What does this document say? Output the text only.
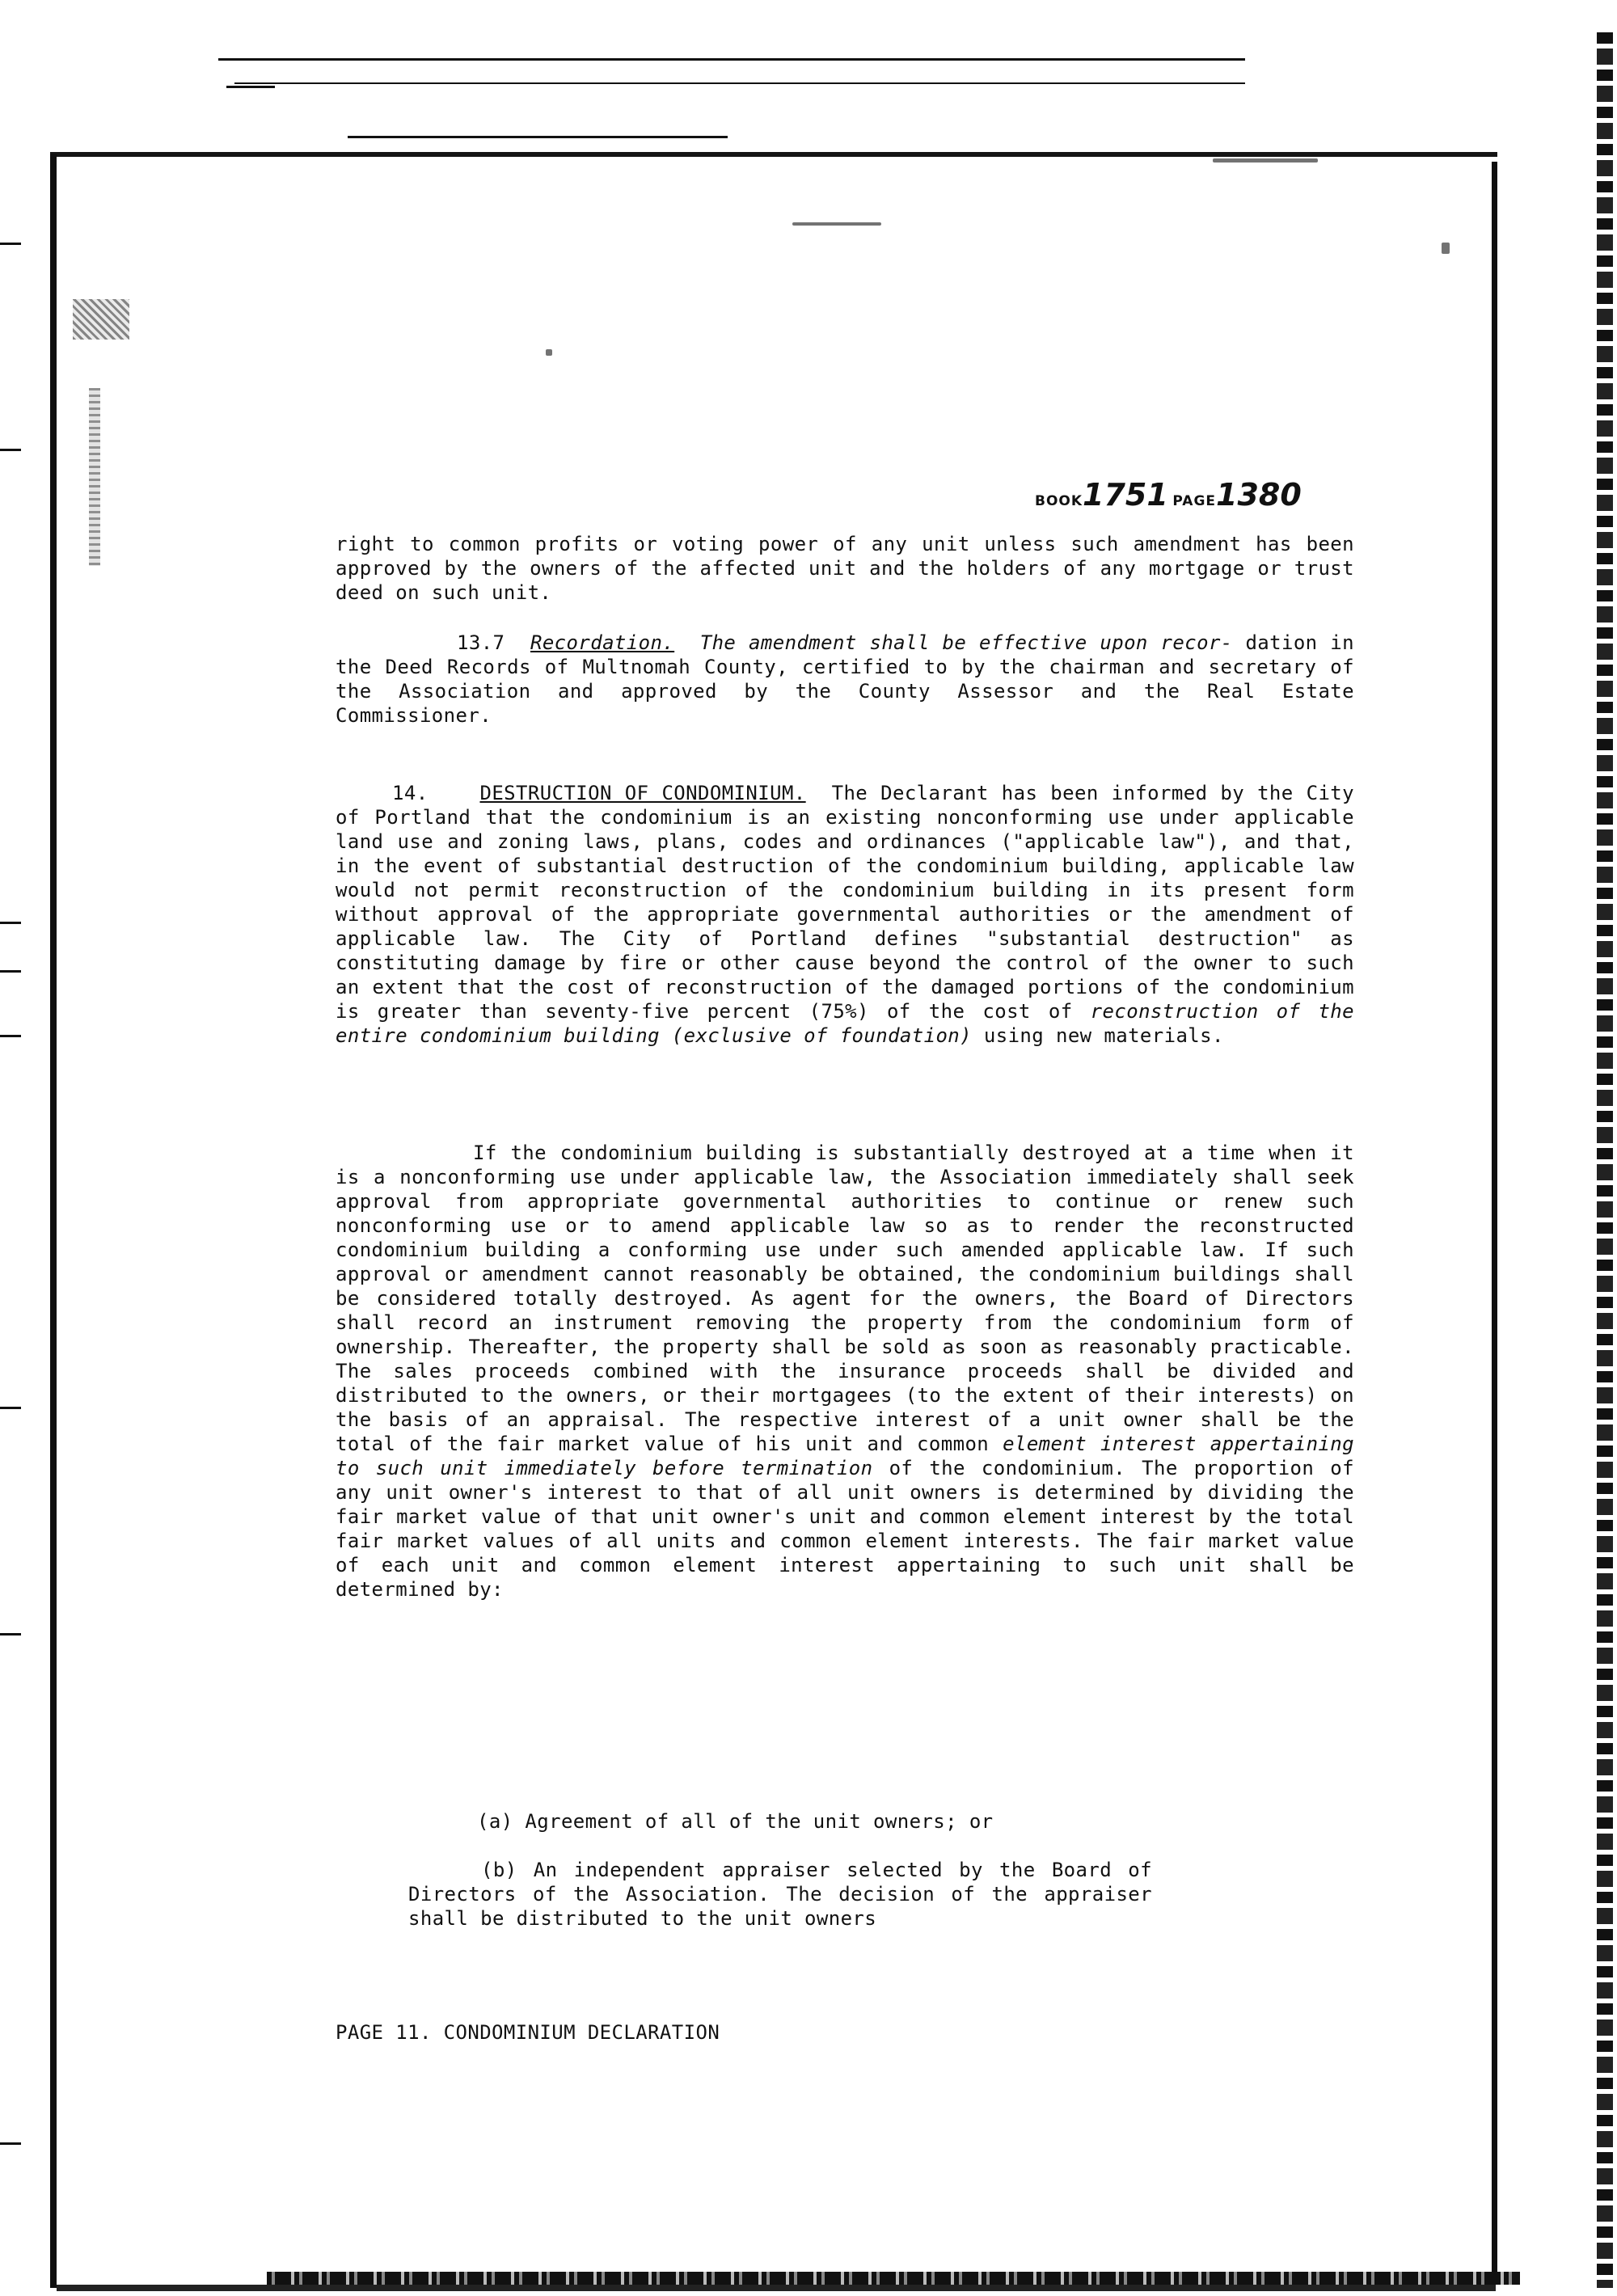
BOOK1751 PAGE1380
right to common profits or voting power of any unit unless such amendment has been approved by the owners of the affected unit and the holders of any mortgage or trust deed on such unit.
13.7 Recordation. The amendment shall be effective upon recor- dation in the Deed Records of Multnomah County, certified to by the chairman and secretary of the Association and approved by the County Assessor and the Real Estate Commissioner.
14.	DESTRUCTION OF CONDOMINIUM. The Declarant has been informed by the City of Portland that the condominium is an existing nonconforming use under applicable land use and zoning laws, plans, codes and ordinances ("applicable law"), and that, in the event of substantial destruction of the condominium building, applicable law would not permit reconstruction of the condominium building in its present form without approval of the appropriate governmental authorities or the amendment of applicable law. The City of Portland defines "substantial destruction" as constituting damage by fire or other cause beyond the control of the owner to such an extent that the cost of reconstruction of the damaged portions of the condominium is greater than seventy-five percent (75%) of the cost of reconstruction of the entire condominium building (exclusive of foundation) using new materials.
If the condominium building is substantially destroyed at a time when it is a nonconforming use under applicable law, the Association immediately shall seek approval from appropriate governmental authorities to continue or renew such nonconforming use or to amend applicable law so as to render the reconstructed condominium building a conforming use under such amended applicable law. If such approval or amendment cannot reasonably be obtained, the condominium buildings shall be considered totally destroyed. As agent for the owners, the Board of Directors shall record an instrument removing the property from the condominium form of ownership. Thereafter, the property shall be sold as soon as reasonably practicable. The sales proceeds combined with the insurance proceeds shall be divided and distributed to the owners, or their mortgagees (to the extent of their interests) on the basis of an appraisal. The respective interest of a unit owner shall be the total of the fair market value of his unit and common element interest appertaining to such unit immediately before termination of the condominium. The proportion of any unit owner's interest to that of all unit owners is determined by dividing the fair market value of that unit owner's unit and common element interest by the total fair market values of all units and common element interests. The fair market value of each unit and common element interest appertaining to such unit shall be determined by:
(a) Agreement of all of the unit owners; or
(b) An independent appraiser selected by the Board of Directors of the Association. The decision of the appraiser shall be distributed to the unit owners
PAGE 11. CONDOMINIUM DECLARATION
